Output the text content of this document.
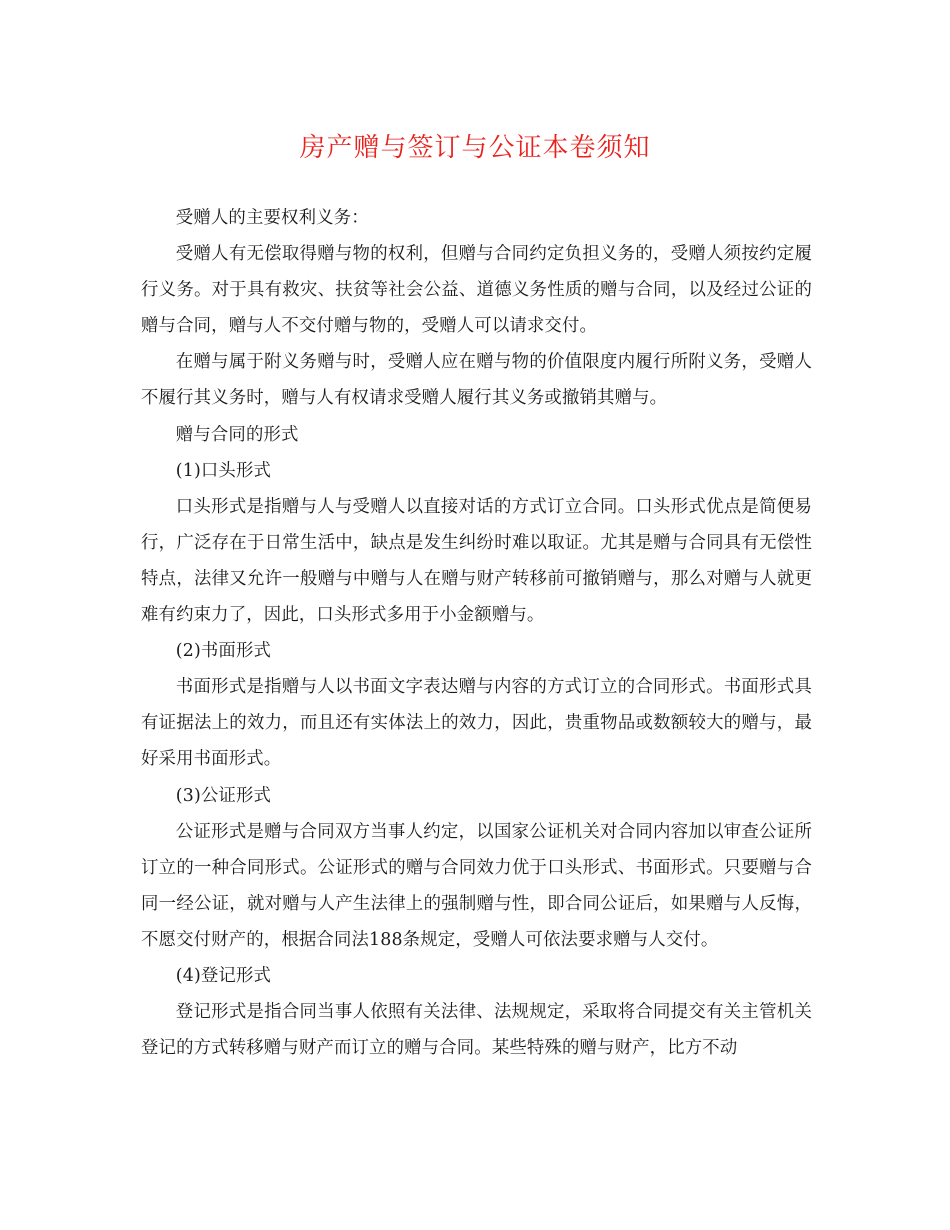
房产赠与签订与公证本卷须知

受赠人的主要权利义务：

受赠人有无偿取得赠与物的权利，但赠与合同约定负担义务的，受赠人须按约定履行义务。对于具有救灾、扶贫等社会公益、道德义务性质的赠与合同，以及经过公证的赠与合同，赠与人不交付赠与物的，受赠人可以请求交付。

在赠与属于附义务赠与时，受赠人应在赠与物的价值限度内履行所附义务，受赠人不履行其义务时，赠与人有权请求受赠人履行其义务或撤销其赠与。

赠与合同的形式

(1)口头形式

口头形式是指赠与人与受赠人以直接对话的方式订立合同。口头形式优点是简便易行，广泛存在于日常生活中，缺点是发生纠纷时难以取证。尤其是赠与合同具有无偿性特点，法律又允许一般赠与中赠与人在赠与财产转移前可撤销赠与，那么对赠与人就更难有约束力了，因此，口头形式多用于小金额赠与。

(2)书面形式

书面形式是指赠与人以书面文字表达赠与内容的方式订立的合同形式。书面形式具有证据法上的效力，而且还有实体法上的效力，因此，贵重物品或数额较大的赠与，最好采用书面形式。

(3)公证形式

公证形式是赠与合同双方当事人约定，以国家公证机关对合同内容加以审查公证所订立的一种合同形式。公证形式的赠与合同效力优于口头形式、书面形式。只要赠与合同一经公证，就对赠与人产生法律上的强制赠与性，即合同公证后，如果赠与人反悔，不愿交付财产的，根据合同法188条规定，受赠人可依法要求赠与人交付。

(4)登记形式

登记形式是指合同当事人依照有关法律、法规规定，采取将合同提交有关主管机关登记的方式转移赠与财产而订立的赠与合同。某些特殊的赠与财产，比方不动
